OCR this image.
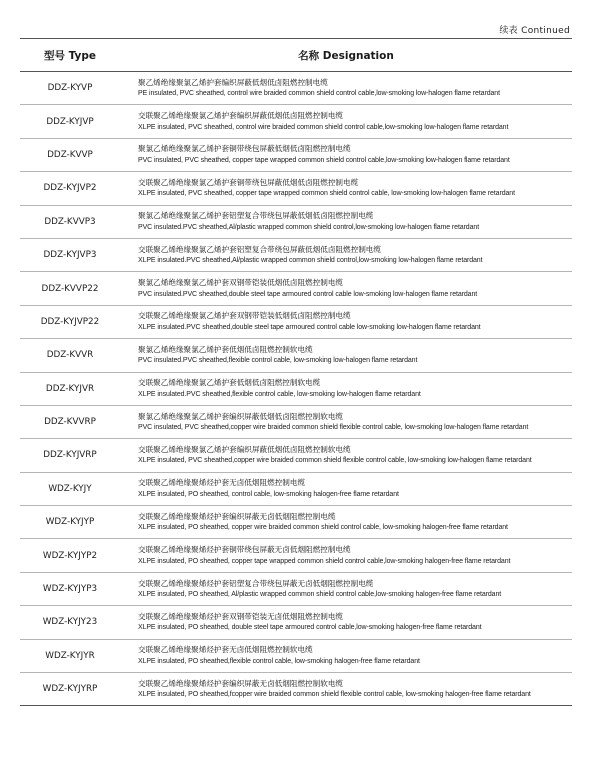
续表 Continued
型号 Type	名称 Designation
DDZ-KYVP
聚乙烯绝缘聚氯乙烯护套编织屏蔽低烟低卤阻燃控制电缆
PE insulated, PVC sheathed, control wire braided common shield control cable,low-smoking low-halogen flame retardant
DDZ-KYJVP
交联聚乙烯绝缘聚氯乙烯护套编织屏蔽低烟低卤阻燃控制电缆
XLPE insulated, PVC sheathed, control wire braided common shield control cable,low-smoking low-halogen flame retardant
DDZ-KVVP
聚氯乙烯绝缘聚氯乙烯护套铜带绕包屏蔽低烟低卤阻燃控制电缆
PVC insulated, PVC sheathed, copper tape wrapped common shield control cable,low-smoking low-halogen flame retardant
DDZ-KYJVP2
交联聚乙烯绝缘聚氯乙烯护套铜带绕包屏蔽低烟低卤阻燃控制电缆
XLPE insulated, PVC sheathed, copper tape wrapped common shield control cable, low-smoking low-halogen flame retardant
DDZ-KVVP3
聚氯乙烯绝缘聚氯乙烯护套铝塑复合带绕包屏蔽低烟低卤阻燃控制电缆
PVC insulated.PVC sheathed,Al/plastic wrapped common shield control,low-smoking low-halogen flame retardant
DDZ-KYJVP3
交联聚乙烯绝缘聚氯乙烯护套铝塑复合带绕包屏蔽低烟低卤阻燃控制电缆
XLPE insulated.PVC sheathed,Al/plastic wrapped common shield control,low-smoking low-halogen flame retardant
DDZ-KVVP22
聚氯乙烯绝缘聚氯乙烯护套双钢带铠装低烟低卤阻燃控制电缆
PVC insulated.PVC sheathed,double steel tape armoured control cable low-smoking low-halogen flame retardant
DDZ-KYJVP22
交联聚乙烯绝缘聚氯乙烯护套双钢带铠装低烟低卤阻燃控制电缆
XLPE insulated.PVC sheathed,double steel tape armoured control cable low-smoking low-halogen flame retardant
DDZ-KVVR
聚氯乙烯绝缘聚氯乙烯护套低烟低卤阻燃控制软电缆
PVC insulated.PVC sheathed,flexible control cable, low-smoking low-halogen flame retardant
DDZ-KYJVR
交联聚乙烯绝缘聚氯乙烯护套低烟低卤阻燃控制软电缆
XLPE insulated.PVC sheathed,flexible control cable, low-smoking low-halogen flame retardant
DDZ-KVVRP
聚氯乙烯绝缘聚氯乙烯护套编织屏蔽低烟低卤阻燃控制软电缆
PVC insulated, PVC sheathed,copper wire braided common shield flexible control cable, low-smoking low-halogen flame retardant
DDZ-KYJVRP
交联聚乙烯绝缘聚氯乙烯护套编织屏蔽低烟低卤阻燃控制软电缆
XLPE insulated, PVC sheathed,copper wire braided common shield flexible control cable, low-smoking low-halogen flame retardant
WDZ-KYJY
交联聚乙烯绝缘聚烯烃护套无卤低烟阻燃控制电缆
XLPE insulated, PO sheathed, control cable, low-smoking halogen-free flame retardant
WDZ-KYJYP
交联聚乙烯绝缘聚烯烃护套编织屏蔽无卤低烟阻燃控制电缆
XLPE insulated, PO sheathed, copper wire braided common shield control cable, low-smoking halogen-free flame retardant
WDZ-KYJYP2
交联聚乙烯绝缘聚烯烃护套铜带绕包屏蔽无卤低烟阻燃控制电缆
XLPE insulated, PO sheathed, copper tape wrapped common shield control cable,low-smoking halogen-free flame retardant
WDZ-KYJYP3
交联聚乙烯绝缘聚烯烃护套铝塑复合带绕包屏蔽无卤低烟阻燃控制电缆
XLPE insulated, PO sheathed, Al/plastic wrapped common shield control cable,low-smoking halogen-free flame retardant
WDZ-KYJY23
交联聚乙烯绝缘聚烯烃护套双钢带铠装无卤低烟阻燃控制电缆
XLPE insulated, PO sheathed, double steel tape armoured control cable,low-smoking halogen-free flame retardant
WDZ-KYJYR
交联聚乙烯绝缘聚烯烃护套无卤低烟阻燃控制软电缆
XLPE insulated, PO sheathed,flexible control cable, low-smoking halogen-free flame retardant
WDZ-KYJYRP
交联聚乙烯绝缘聚烯烃护套编织屏蔽无卤低烟阻燃控制软电缆
XLPE insulated, PO sheathed,fcopper wire braided common shield flexible control cable, low-smoking halogen-free flame retardant
